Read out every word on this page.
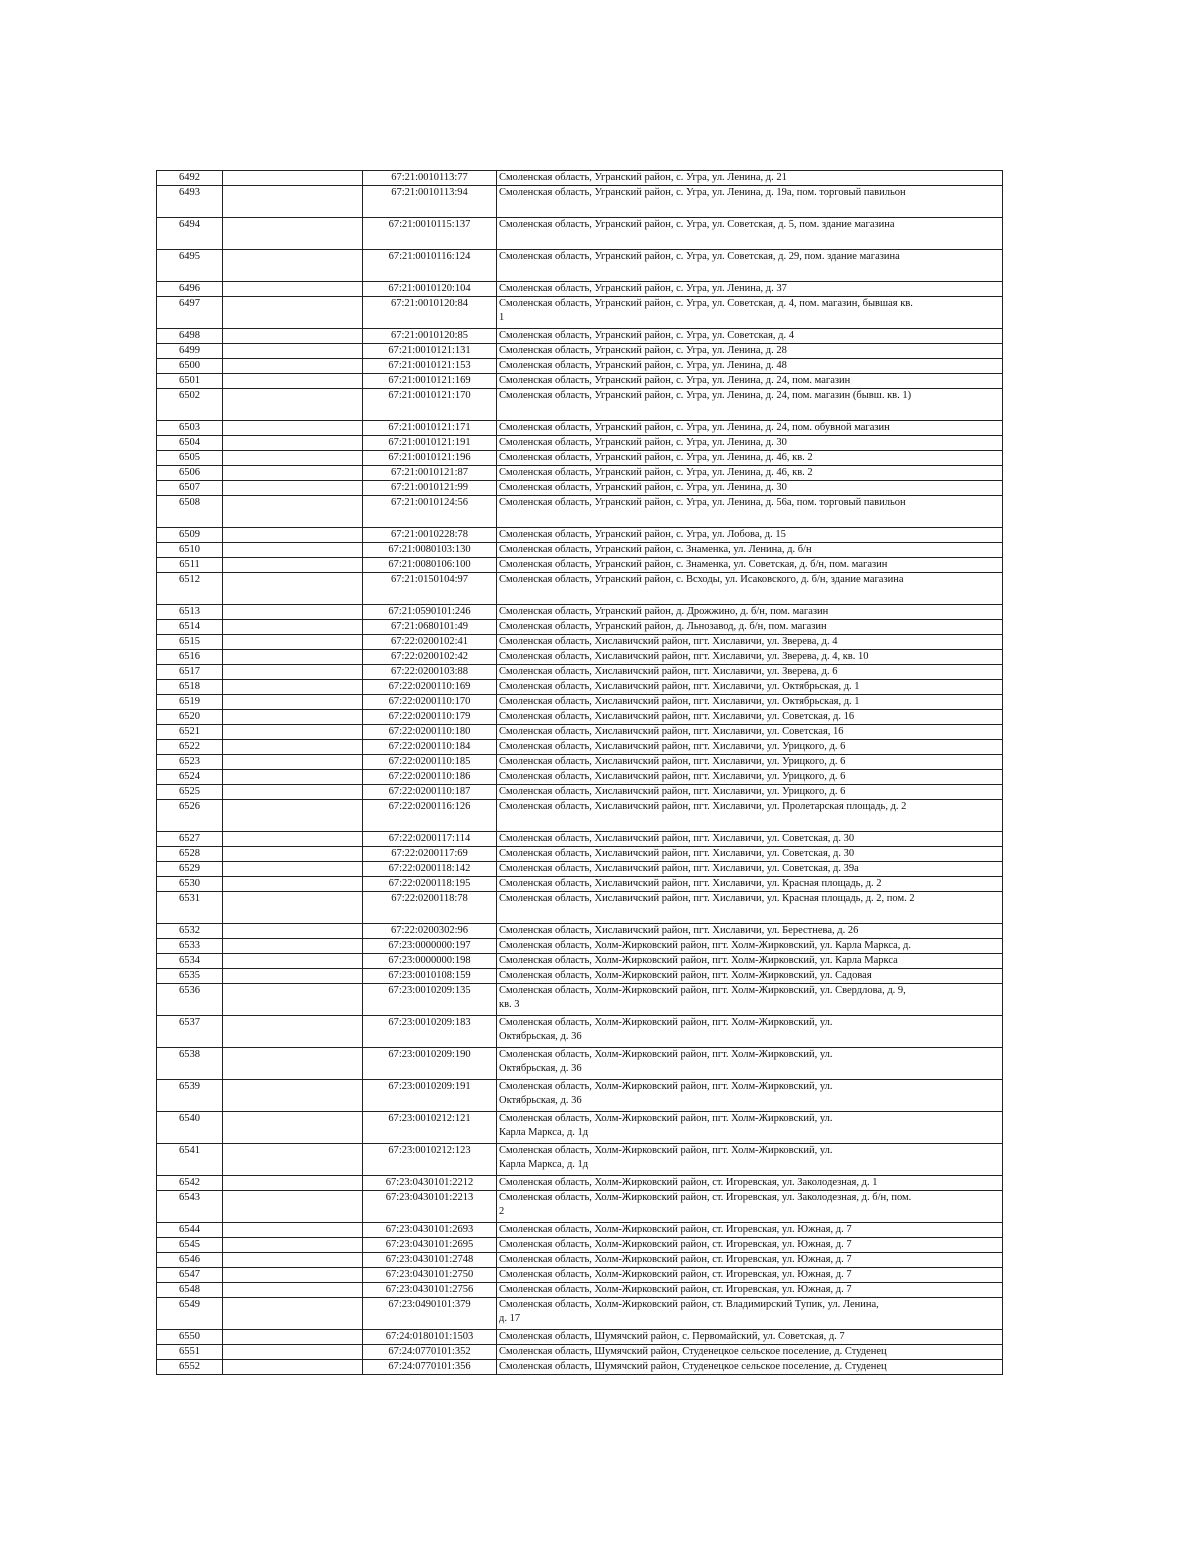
6492		67:21:0010113:77	Смоленская область, Угранский район, с. Угра, ул. Ленина, д. 21
6493		67:21:0010113:94	Смоленская область, Угранский район, с. Угра, ул. Ленина, д. 19а, пом. торговый павильон
6494		67:21:0010115:137	Смоленская область, Угранский район, с. Угра, ул. Советская, д. 5, пом. здание магазина
6495		67:21:0010116:124	Смоленская область, Угранский район, с. Угра, ул. Советская, д. 29, пом. здание магазина
6496		67:21:0010120:104	Смоленская область, Угранский район, с. Угра, ул. Ленина, д. 37
6497		67:21:0010120:84	Смоленская область, Угранский район, с. Угра, ул. Советская, д. 4, пом. магазин, бывшая кв.
1
6498		67:21:0010120:85	Смоленская область, Угранский район, с. Угра, ул. Советская, д. 4
6499		67:21:0010121:131	Смоленская область, Угранский район, с. Угра, ул. Ленина, д. 28
6500		67:21:0010121:153	Смоленская область, Угранский район, с. Угра, ул. Ленина, д. 48
6501		67:21:0010121:169	Смоленская область, Угранский район, с. Угра, ул. Ленина, д. 24, пом. магазин
6502		67:21:0010121:170	Смоленская область, Угранский район, с. Угра, ул. Ленина, д. 24, пом. магазин (бывш. кв. 1)
6503		67:21:0010121:171	Смоленская область, Угранский район, с. Угра, ул. Ленина, д. 24, пом. обувной магазин
6504		67:21:0010121:191	Смоленская область, Угранский район, с. Угра, ул. Ленина, д. 30
6505		67:21:0010121:196	Смоленская область, Угранский район, с. Угра, ул. Ленина, д. 46, кв. 2
6506		67:21:0010121:87	Смоленская область, Угранский район, с. Угра, ул. Ленина, д. 46, кв. 2
6507		67:21:0010121:99	Смоленская область, Угранский район, с. Угра, ул. Ленина, д. 30
6508		67:21:0010124:56	Смоленская область, Угранский район, с. Угра, ул. Ленина, д. 56а, пом. торговый павильон
6509		67:21:0010228:78	Смоленская область, Угранский район, с. Угра, ул. Лобова, д. 15
6510		67:21:0080103:130	Смоленская область, Угранский район, с. Знаменка, ул. Ленина, д. б/н
6511		67:21:0080106:100	Смоленская область, Угранский район, с. Знаменка, ул. Советская, д. б/н, пом. магазин
6512		67:21:0150104:97	Смоленская область, Угранский район, с. Всходы, ул. Исаковского, д. б/н, здание магазина
6513		67:21:0590101:246	Смоленская область, Угранский район, д. Дрожжино, д. б/н, пом. магазин
6514		67:21:0680101:49	Смоленская область, Угранский район, д. Льнозавод, д. б/н, пом. магазин
6515		67:22:0200102:41	Смоленская область, Хиславичский район, пгт. Хиславичи, ул. Зверева, д. 4
6516		67:22:0200102:42	Смоленская область, Хиславичский район, пгт. Хиславичи, ул. Зверева, д. 4, кв. 10
6517		67:22:0200103:88	Смоленская область, Хиславичский район, пгт. Хиславичи, ул. Зверева, д. 6
6518		67:22:0200110:169	Смоленская область, Хиславичский район, пгт. Хиславичи, ул. Октябрьская, д. 1
6519		67:22:0200110:170	Смоленская область, Хиславичский район, пгт. Хиславичи, ул. Октябрьская, д. 1
6520		67:22:0200110:179	Смоленская область, Хиславичский район, пгт. Хиславичи, ул. Советская, д. 16
6521		67:22:0200110:180	Смоленская область, Хиславичский район, пгт. Хиславичи, ул. Советская, 16
6522		67:22:0200110:184	Смоленская область, Хиславичский район, пгт. Хиславичи, ул. Урицкого, д. 6
6523		67:22:0200110:185	Смоленская область, Хиславичский район, пгт. Хиславичи, ул. Урицкого, д. 6
6524		67:22:0200110:186	Смоленская область, Хиславичский район, пгт. Хиславичи, ул. Урицкого, д. 6
6525		67:22:0200110:187	Смоленская область, Хиславичский район, пгт. Хиславичи, ул. Урицкого, д. 6
6526		67:22:0200116:126	Смоленская область, Хиславичский район, пгт. Хиславичи, ул. Пролетарская площадь, д. 2
6527		67:22:0200117:114	Смоленская область, Хиславичский район, пгт. Хиславичи, ул. Советская, д. 30
6528		67:22:0200117:69	Смоленская область, Хиславичский район, пгт. Хиславичи, ул. Советская, д. 30
6529		67:22:0200118:142	Смоленская область, Хиславичский район, пгт. Хиславичи, ул. Советская, д. 39а
6530		67:22:0200118:195	Смоленская область, Хиславичский район, пгт. Хиславичи, ул. Красная площадь, д. 2
6531		67:22:0200118:78	Смоленская область, Хиславичский район, пгт. Хиславичи, ул. Красная площадь, д. 2, пом. 2
6532		67:22:0200302:96	Смоленская область, Хиславичский район, пгт. Хиславичи, ул. Берестнева, д. 26
6533		67:23:0000000:197	Смоленская область, Холм-Жирковский район, пгт. Холм-Жирковский, ул. Карла Маркса, д.
6534		67:23:0000000:198	Смоленская область, Холм-Жирковский район, пгт. Холм-Жирковский, ул. Карла Маркса
6535		67:23:0010108:159	Смоленская область, Холм-Жирковский район, пгт. Холм-Жирковский, ул. Садовая
6536		67:23:0010209:135	Смоленская область, Холм-Жирковский район, пгт. Холм-Жирковский, ул. Свердлова, д. 9,
кв. 3
6537		67:23:0010209:183	Смоленская область, Холм-Жирковский район, пгт. Холм-Жирковский, ул.
Октябрьская, д. 36
6538		67:23:0010209:190	Смоленская область, Холм-Жирковский район, пгт. Холм-Жирковский, ул.
Октябрьская, д. 36
6539		67:23:0010209:191	Смоленская область, Холм-Жирковский район, пгт. Холм-Жирковский, ул.
Октябрьская, д. 36
6540		67:23:0010212:121	Смоленская область, Холм-Жирковский район, пгт. Холм-Жирковский, ул.
Карла Маркса, д. 1д
6541		67:23:0010212:123	Смоленская область, Холм-Жирковский район, пгт. Холм-Жирковский, ул.
Карла Маркса, д. 1д
6542		67:23:0430101:2212	Смоленская область, Холм-Жирковский район, ст. Игоревская, ул. Заколодезная, д. 1
6543		67:23:0430101:2213	Смоленская область, Холм-Жирковский район, ст. Игоревская, ул. Заколодезная, д. б/н, пом.
2
6544		67:23:0430101:2693	Смоленская область, Холм-Жирковский район, ст. Игоревская, ул. Южная, д. 7
6545		67:23:0430101:2695	Смоленская область, Холм-Жирковский район, ст. Игоревская, ул. Южная, д. 7
6546		67:23:0430101:2748	Смоленская область, Холм-Жирковский район, ст. Игоревская, ул. Южная, д. 7
6547		67:23:0430101:2750	Смоленская область, Холм-Жирковский район, ст. Игоревская, ул. Южная, д. 7
6548		67:23:0430101:2756	Смоленская область, Холм-Жирковский район, ст. Игоревская, ул. Южная, д. 7
6549		67:23:0490101:379	Смоленская область, Холм-Жирковский район, ст. Владимирский Тупик, ул. Ленина,
д. 17
6550		67:24:0180101:1503	Смоленская область, Шумячский район, с. Первомайский, ул. Советская, д. 7
6551		67:24:0770101:352	Смоленская область, Шумячский район, Студенецкое сельское поселение, д. Студенец
6552		67:24:0770101:356	Смоленская область, Шумячский район, Студенецкое сельское поселение, д. Студенец
